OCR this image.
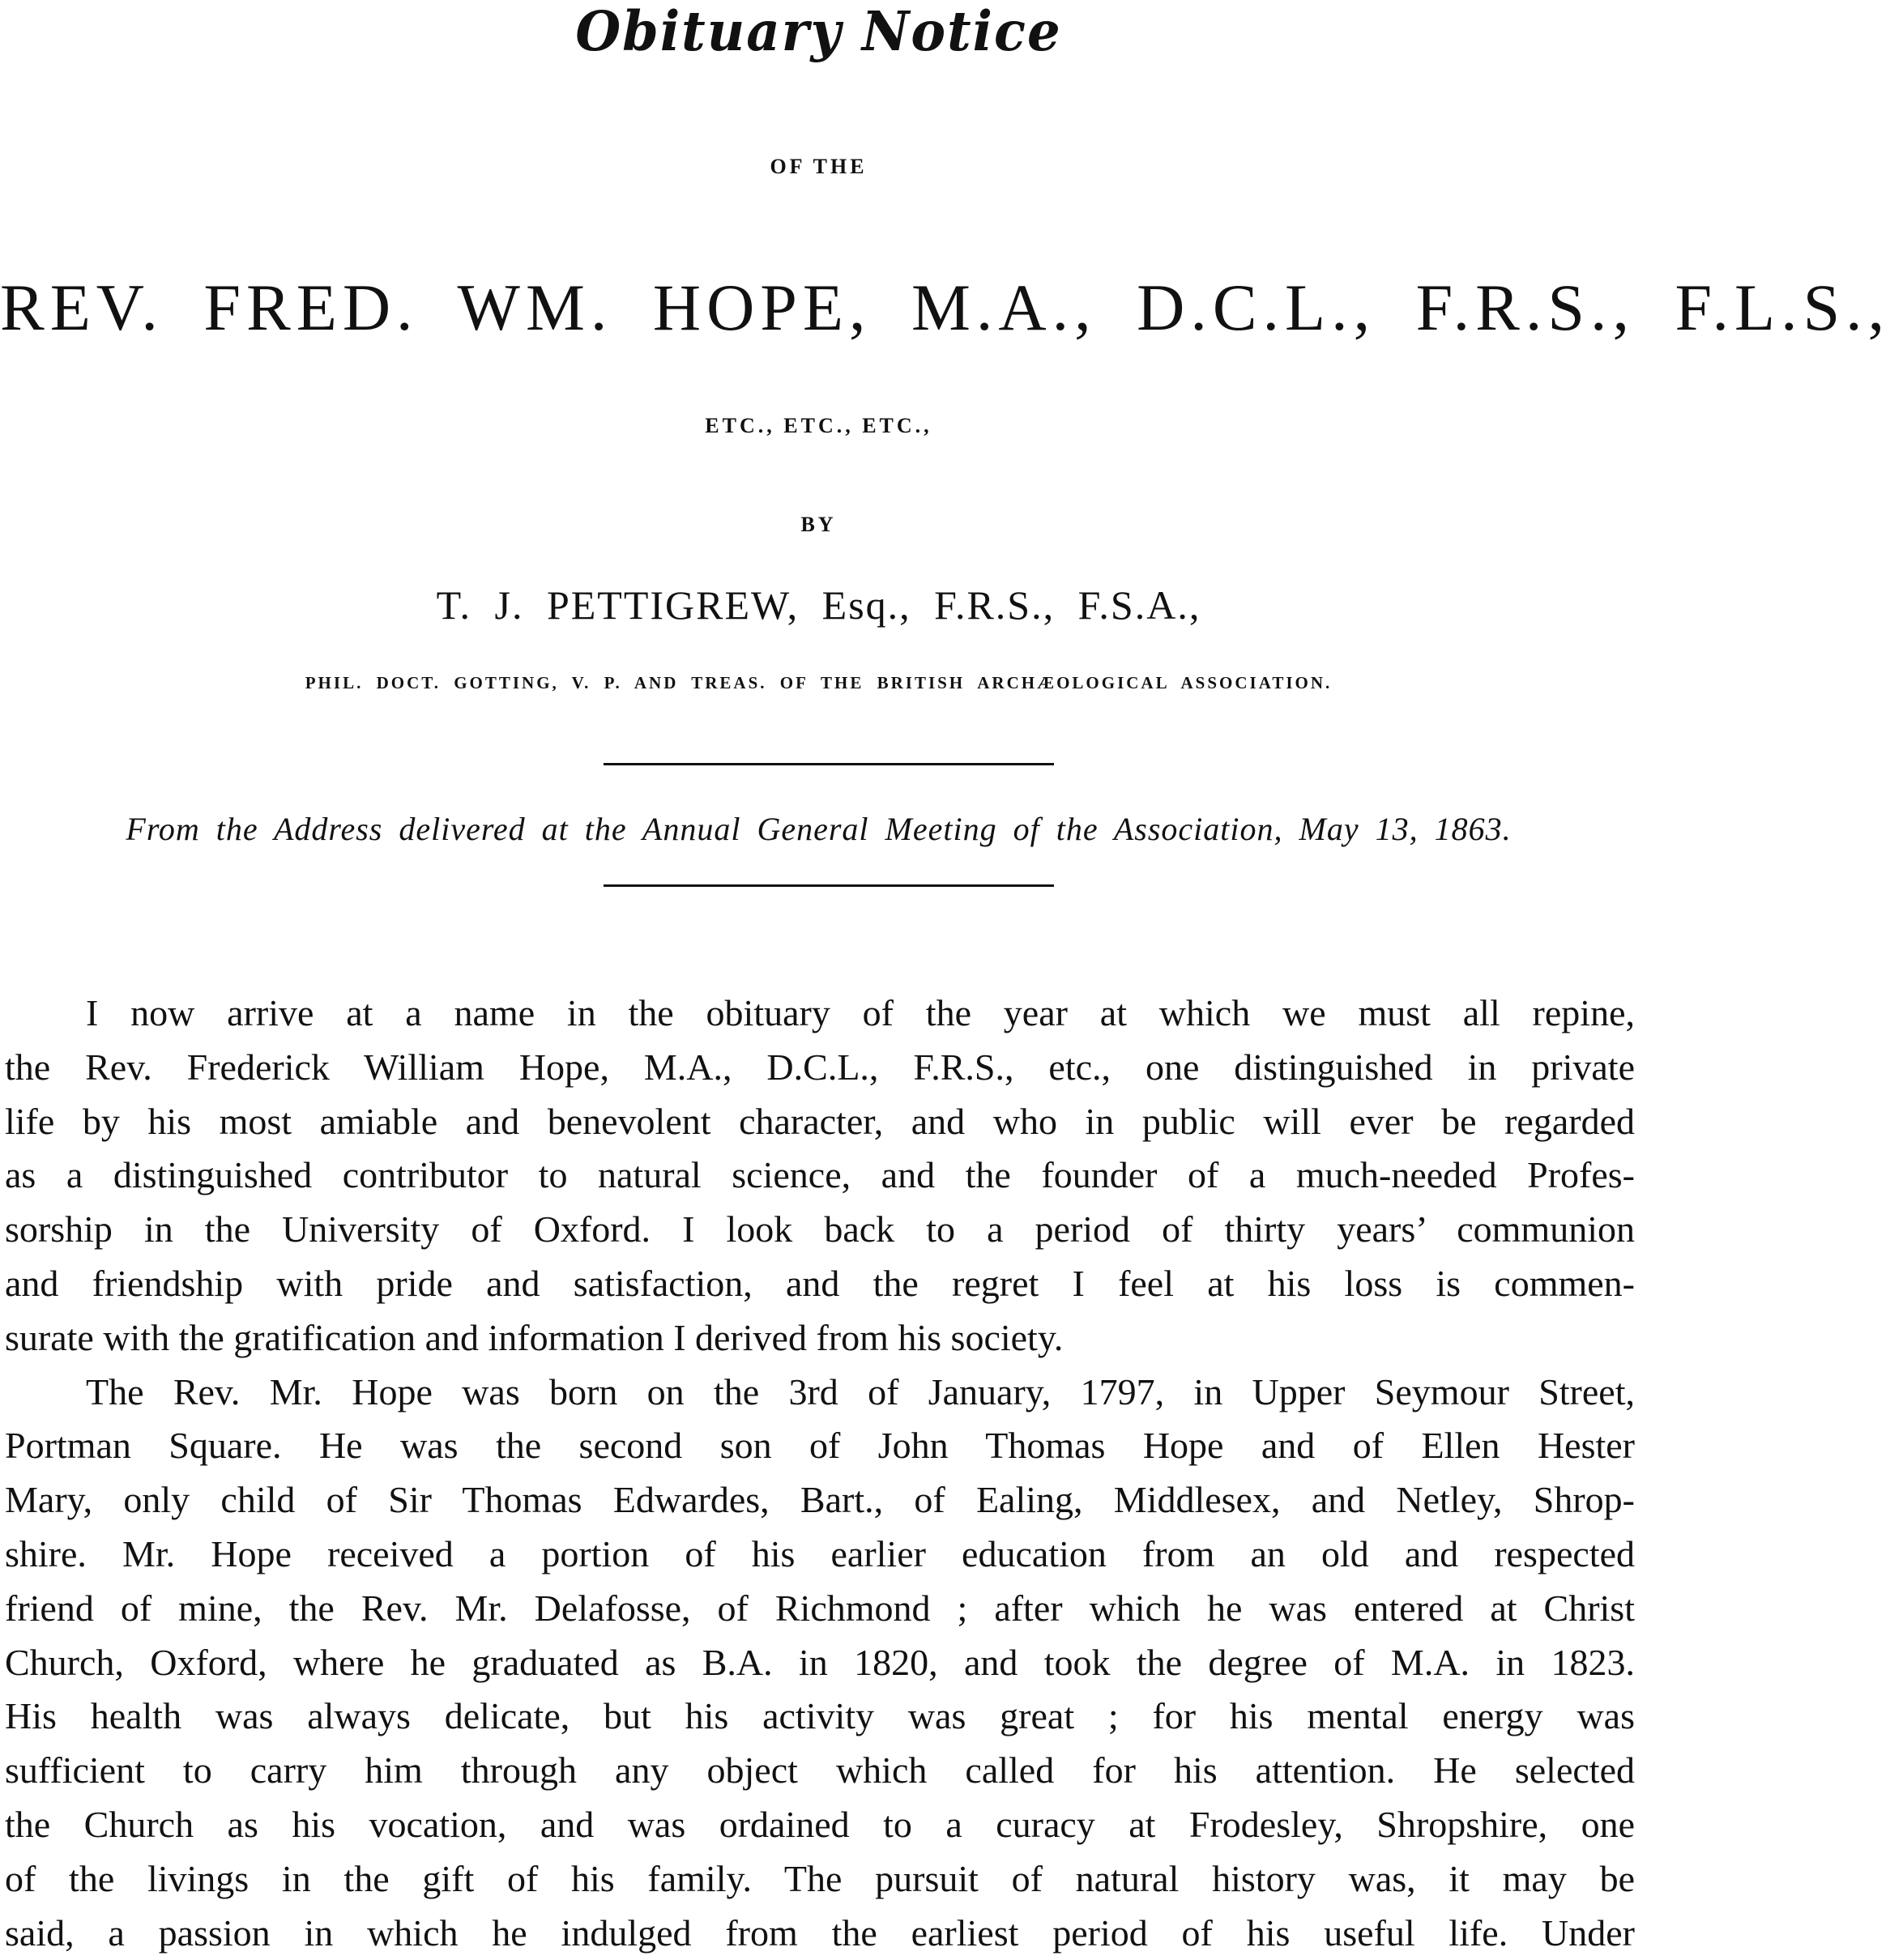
Obituary Notice
OF THE
REV. FRED. WM. HOPE, M.A., D.C.L., F.R.S., F.L.S.,
ETC., ETC., ETC.,
BY
T. J. PETTIGREW, Esq., F.R.S., F.S.A.,
PHIL. DOCT. GOTTING, V. P. AND TREAS. OF THE BRITISH ARCHÆOLOGICAL ASSOCIATION.
From the Address delivered at the Annual General Meeting of the Association, May 13, 1863.
I now arrive at a name in the obituary of the year at which we must all repine,
the Rev. Frederick William Hope, M.A., D.C.L., F.R.S., etc., one distinguished in private
life by his most amiable and benevolent character, and who in public will ever be regarded
as a distinguished contributor to natural science, and the founder of a much-needed Profes-
sorship in the University of Oxford. I look back to a period of thirty years’ communion
and friendship with pride and satisfaction, and the regret I feel at his loss is commen-
surate with the gratification and information I derived from his society.
The Rev. Mr. Hope was born on the 3rd of January, 1797, in Upper Seymour Street,
Portman Square. He was the second son of John Thomas Hope and of Ellen Hester
Mary, only child of Sir Thomas Edwardes, Bart., of Ealing, Middlesex, and Netley, Shrop-
shire. Mr. Hope received a portion of his earlier education from an old and respected
friend of mine, the Rev. Mr. Delafosse, of Richmond ; after which he was entered at Christ
Church, Oxford, where he graduated as B.A. in 1820, and took the degree of M.A. in 1823.
His health was always delicate, but his activity was great ; for his mental energy was
sufficient to carry him through any object which called for his attention. He selected
the Church as his vocation, and was ordained to a curacy at Frodesley, Shropshire, one
of the livings in the gift of his family. The pursuit of natural history was, it may be
said, a passion in which he indulged from the earliest period of his useful life. Under
